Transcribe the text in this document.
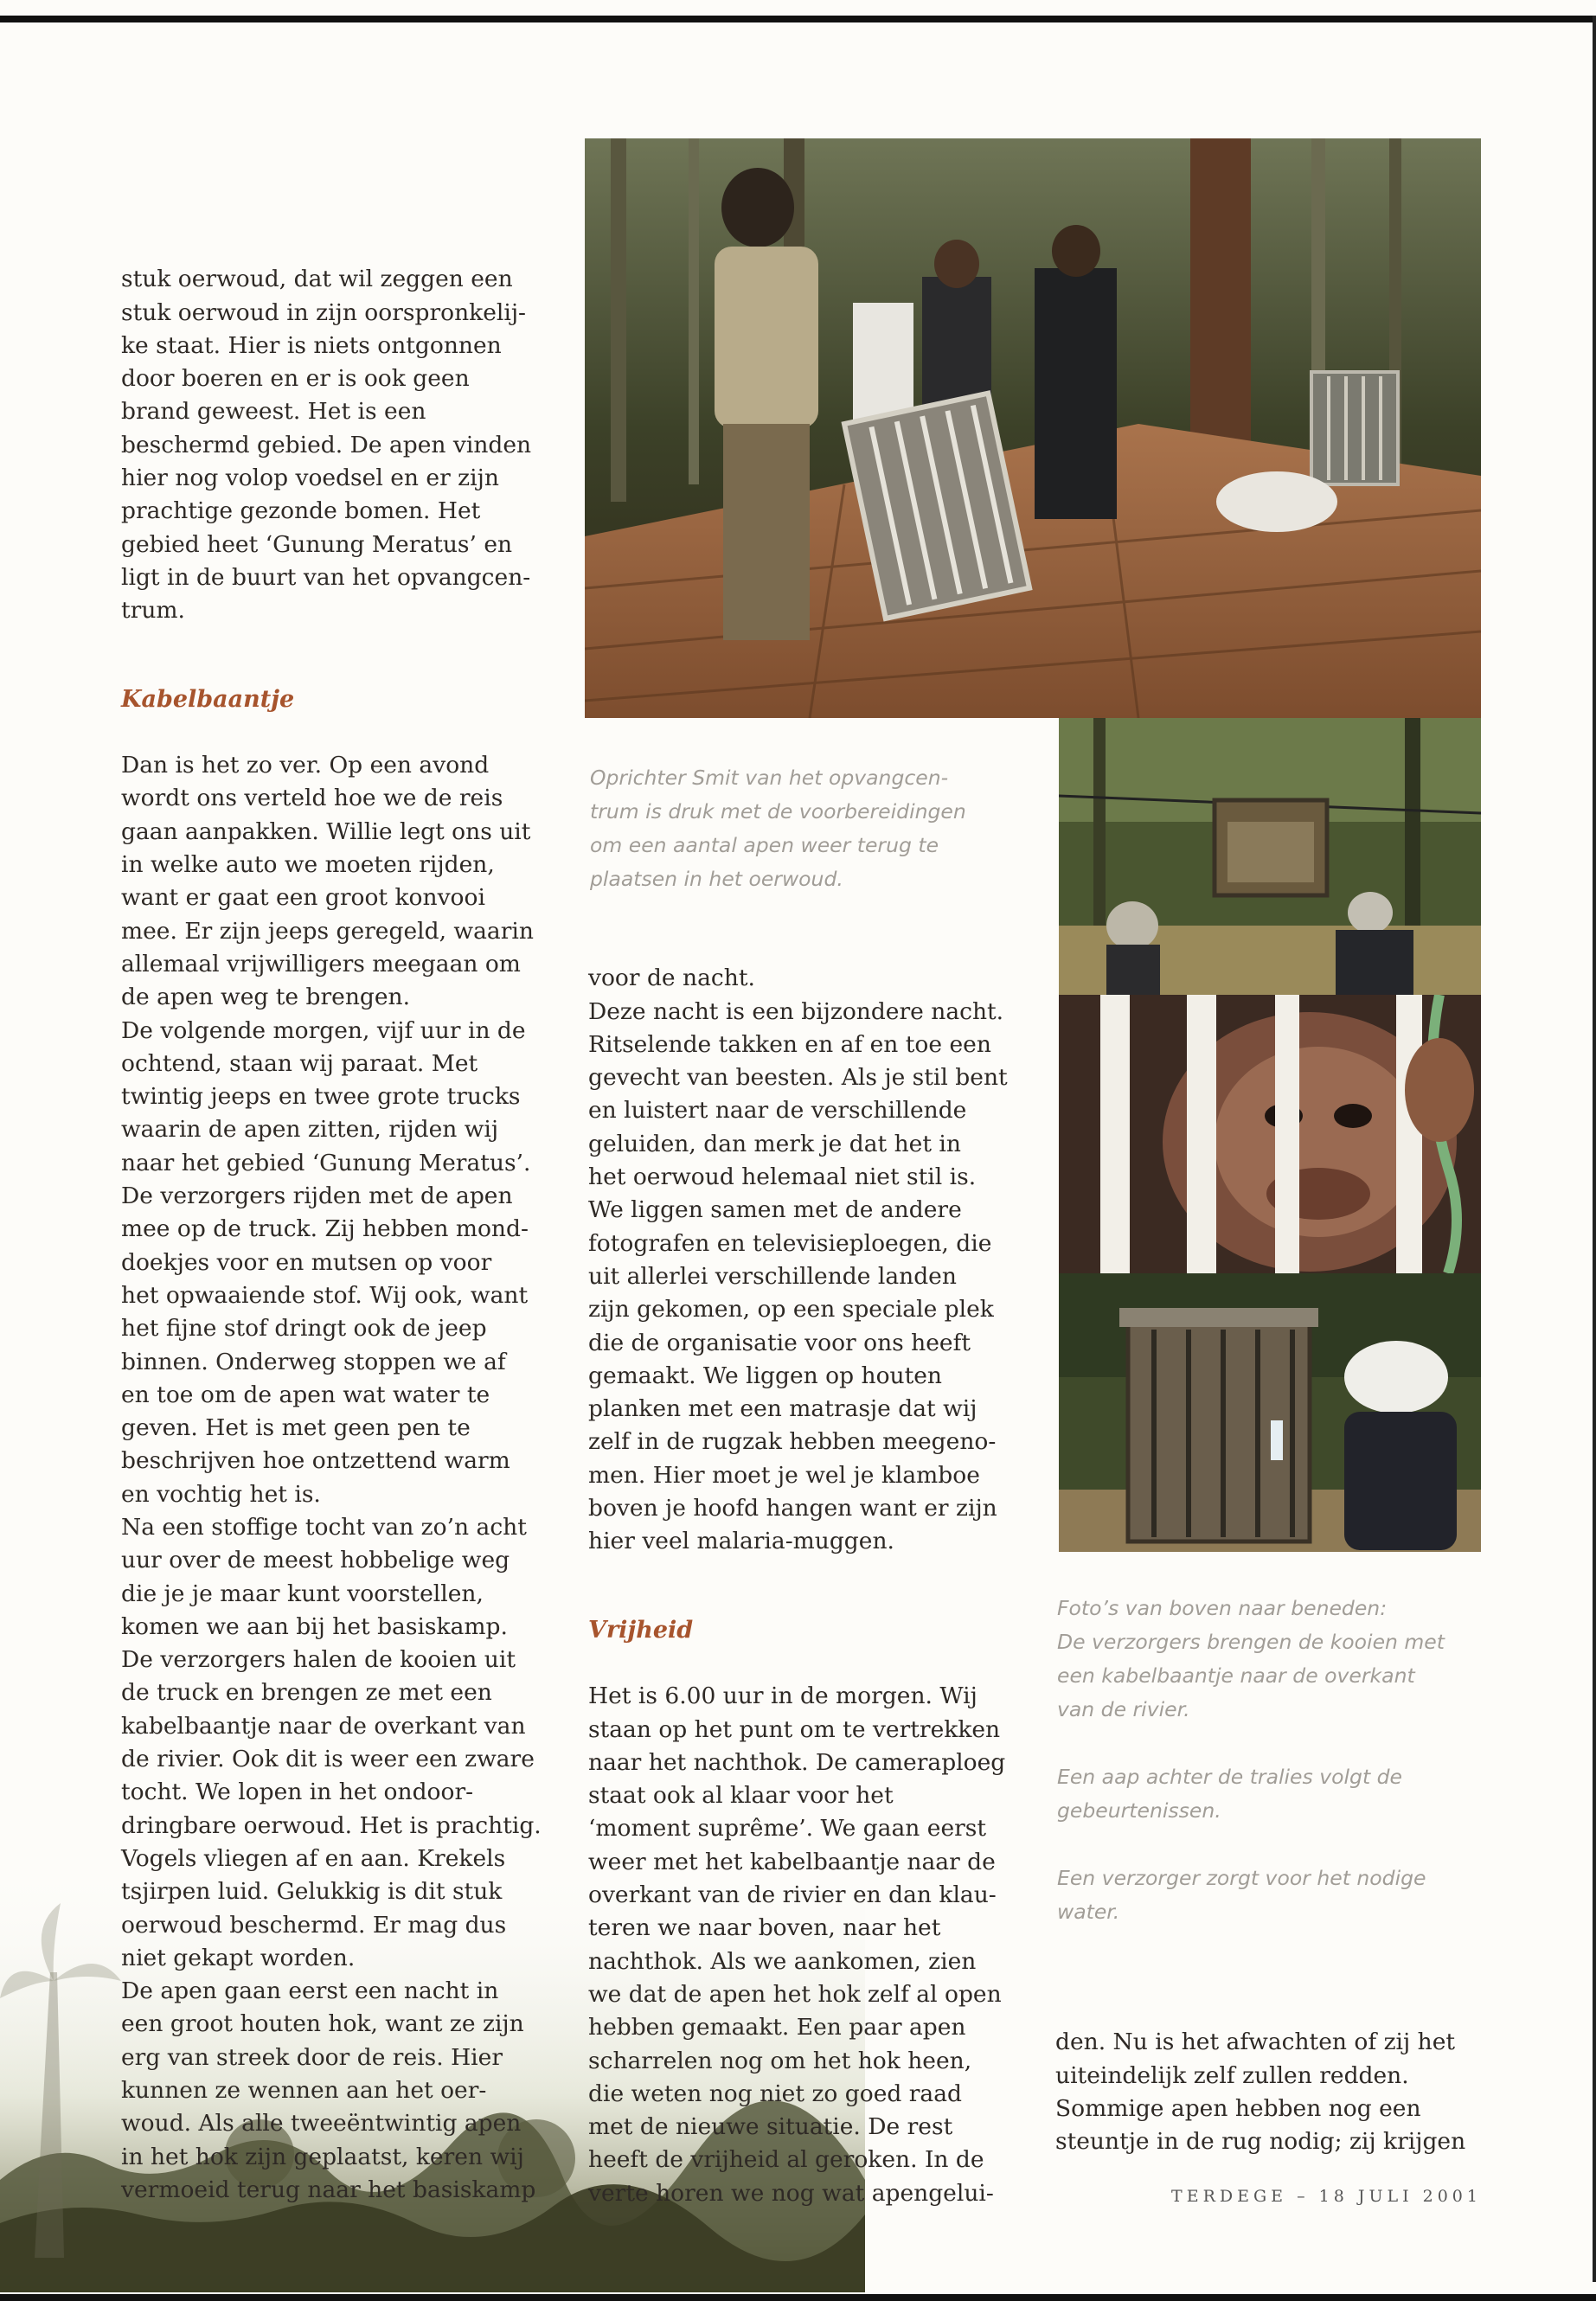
stuk oerwoud, dat wil zeggen een
stuk oerwoud in zijn oorspronkelij-
ke staat. Hier is niets ontgonnen
door boeren en er is ook geen
brand geweest. Het is een
beschermd gebied. De apen vinden
hier nog volop voedsel en er zijn
prachtige gezonde bomen. Het
gebied heet ‘Gunung Meratus’ en
ligt in de buurt van het opvangcen-
trum.

Kabelbaantje

Dan is het zo ver. Op een avond
wordt ons verteld hoe we de reis
gaan aanpakken. Willie legt ons uit
in welke auto we moeten rijden,
want er gaat een groot konvooi
mee. Er zijn jeeps geregeld, waarin
allemaal vrijwilligers meegaan om
de apen weg te brengen.
De volgende morgen, vijf uur in de
ochtend, staan wij paraat. Met
twintig jeeps en twee grote trucks
waarin de apen zitten, rijden wij
naar het gebied ‘Gunung Meratus’.
De verzorgers rijden met de apen
mee op de truck. Zij hebben mond-
doekjes voor en mutsen op voor
het opwaaiende stof. Wij ook, want
het fijne stof dringt ook de jeep
binnen. Onderweg stoppen we af
en toe om de apen wat water te
geven. Het is met geen pen te
beschrijven hoe ontzettend warm
en vochtig het is.
Na een stoffige tocht van zo’n acht
uur over de meest hobbelige weg
die je je maar kunt voorstellen,
komen we aan bij het basiskamp.
De verzorgers halen de kooien uit
de truck en brengen ze met een
kabelbaantje naar de overkant van
de rivier. Ook dit is weer een zware
tocht. We lopen in het ondoor-
dringbare oerwoud. Het is prachtig.
Vogels vliegen af en aan. Krekels
tsjirpen luid. Gelukkig is dit stuk
oerwoud beschermd. Er mag dus
niet gekapt worden.
De apen gaan eerst een nacht in
een groot houten hok, want ze zijn
erg van streek door de reis. Hier
kunnen ze wennen aan het oer-
woud. Als alle tweeëntwintig apen
in het hok zijn geplaatst, keren wij
vermoeid terug naar het basiskamp

Oprichter Smit van het opvangcen-
trum is druk met de voorbereidingen
om een aantal apen weer terug te
plaatsen in het oerwoud.

voor de nacht.
Deze nacht is een bijzondere nacht.
Ritselende takken en af en toe een
gevecht van beesten. Als je stil bent
en luistert naar de verschillende
geluiden, dan merk je dat het in
het oerwoud helemaal niet stil is.
We liggen samen met de andere
fotografen en televisieploegen, die
uit allerlei verschillende landen
zijn gekomen, op een speciale plek
die de organisatie voor ons heeft
gemaakt. We liggen op houten
planken met een matrasje dat wij
zelf in de rugzak hebben meegeno-
men. Hier moet je wel je klamboe
boven je hoofd hangen want er zijn
hier veel malaria-muggen.

Vrijheid

Het is 6.00 uur in de morgen. Wij
staan op het punt om te vertrekken
naar het nachthok. De cameraploeg
staat ook al klaar voor het
‘moment suprême’. We gaan eerst
weer met het kabelbaantje naar de
overkant van de rivier en dan klau-
teren we naar boven, naar het
nachthok. Als we aankomen, zien
we dat de apen het hok zelf al open
hebben gemaakt. Een paar apen
scharrelen nog om het hok heen,
die weten nog niet zo goed raad
met de nieuwe situatie. De rest
heeft de vrijheid al geroken. In de
verte horen we nog wat apengelui-

Foto’s van boven naar beneden:

De verzorgers brengen de kooien met
een kabelbaantje naar de overkant
van de rivier.

Een aap achter de tralies volgt de
gebeurtenissen.

Een verzorger zorgt voor het nodige
water.

den. Nu is het afwachten of zij het
uiteindelijk zelf zullen redden.
Sommige apen hebben nog een
steuntje in de rug nodig; zij krijgen

TERDEGE – 18 JULI 2001
